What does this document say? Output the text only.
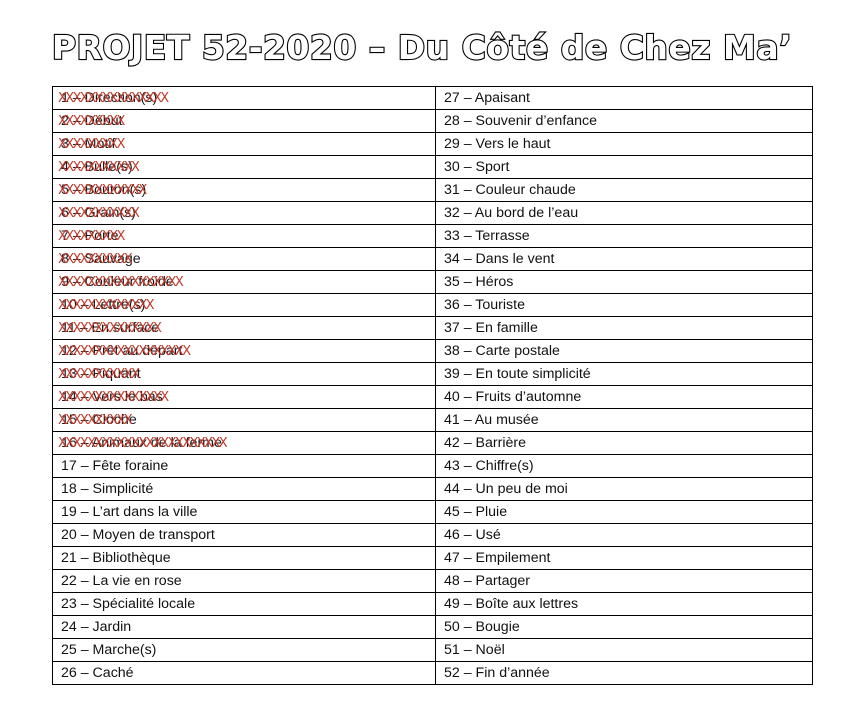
PROJET 52-2020 – Du Côté de Chez Ma’
1 – Direction(s) XXXXXXXXXXXXXXX	27 – Apaisant
2 – Début XXXXXXXXX	28 – Souvenir d’enfance
3 – Motif XXXXXXXXX	29 – Vers le haut
4 – Bulle(s) XXXXXXXXXXX	30 – Sport
5 – Bouton(s) XXXXXXXXXXXX	31 – Couleur chaude
6 – Grain(s) XXXXXXXXXXX	32 – Au bord de l’eau
7 – Porte XXXXXXXXX	33 – Terrasse
8 – Sauvage XXXXXXXXXX	34 – Dans le vent
9 – Couleur froide XXXXXXXXXXXXXXXXX	35 – Héros
10 – Lettre(s) XXXXXXXXXXXXX	36 – Touriste
11 – En surface XXXXXXXXXXXXXX	37 – En famille
12 – Prêt au départ XXXXXXXXXXXXXXXXXX	38 – Carte postale
13 – Piquant XXXXXXXXXXX	39 – En toute simplicité
14 – Vers le bas XXXXXXXXXXXXXXX	40 – Fruits d’automne
15 – Cloche XXXXXXXXXX	41 – Au musée
16 – Animaux de la ferme XXXXXXXXXXXXXXXXXXXXXXX	42 – Barrière
17 – Fête foraine	43 – Chiffre(s)
18 – Simplicité	44 – Un peu de moi
19 – L’art dans la ville	45 – Pluie
20 – Moyen de transport	46 – Usé
21 – Bibliothèque	47 – Empilement
22 – La vie en rose	48 – Partager
23 – Spécialité locale	49 – Boîte aux lettres
24 – Jardin	50 – Bougie
25 – Marche(s)	51 – Noël
26 – Caché	52 – Fin d’année
